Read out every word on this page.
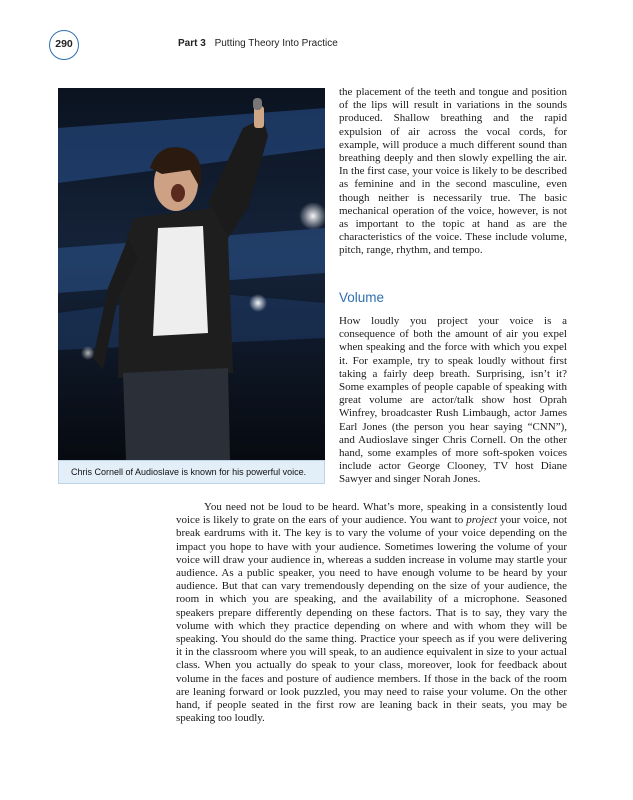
290	Part 3 Putting Theory Into Practice
Chris Cornell of Audioslave is known for his powerful voice.

the placement of the teeth and tongue and position of the lips will result in variations in the sounds produced. Shallow breathing and the rapid expulsion of air across the vocal cords, for example, will produce a much different sound than breathing deeply and then slowly expelling the air. In the first case, your voice is likely to be described as feminine and in the second masculine, even though neither is necessarily true. The basic mechanical operation of the voice, however, is not as important to the topic at hand as are the characteristics of the voice. These include volume, pitch, range, rhythm, and tempo.

Volume

How loudly you project your voice is a consequence of both the amount of air you expel when speaking and the force with which you expel it. For example, try to speak loudly without first taking a fairly deep breath. Surprising, isn’t it? Some examples of people capable of speaking with great volume are actor/talk show host Oprah Winfrey, broadcaster Rush Limbaugh, actor James Earl Jones (the person you hear saying “CNN”), and Audioslave singer Chris Cornell. On the other hand, some examples of more soft-spoken voices include actor George Clooney, TV host Diane Sawyer and singer Norah Jones.

You need not be loud to be heard. What’s more, speaking in a consistently loud voice is likely to grate on the ears of your audience. You want to project your voice, not break eardrums with it. The key is to vary the volume of your voice depending on the impact you hope to have with your audience. Sometimes lowering the volume of your voice will draw your audience in, whereas a sudden increase in volume may startle your audience. As a public speaker, you need to have enough volume to be heard by your audience. But that can vary tremendously depending on the size of your audience, the room in which you are speaking, and the availability of a microphone. Seasoned speakers prepare differently depending on these factors. That is to say, they vary the volume with which they practice depending on where and with whom they will be speaking. You should do the same thing. Practice your speech as if you were delivering it in the classroom where you will speak, to an audience equivalent in size to your actual class. When you actually do speak to your class, moreover, look for feedback about volume in the faces and posture of audience members. If those in the back of the room are leaning forward or look puzzled, you may need to raise your volume. On the other hand, if people seated in the first row are leaning back in their seats, you may be speaking too loudly.
